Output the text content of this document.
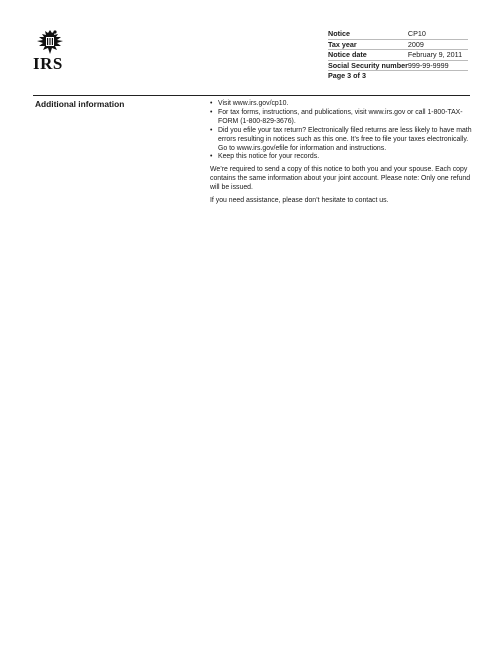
IRS
Notice	CP10
Tax year	2009
Notice date	February 9, 2011
Social Security number	999-99-9999
Page 3 of 3	
Additional information	• Visit www.irs.gov/cp10.
• For tax forms, instructions, and publications, visit www.irs.gov or call 1-800-TAX-FORM (1-800-829-3676).
• Did you efile your tax return? Electronically filed returns are less likely to have math errors resulting in notices such as this one. It’s free to file your taxes electronically. Go to www.irs.gov/efile for information and instructions.
• Keep this notice for your records.

We’re required to send a copy of this notice to both you and your spouse. Each copy contains the same information about your joint account. Please note: Only one refund will be issued.

If you need assistance, please don’t hesitate to contact us.
